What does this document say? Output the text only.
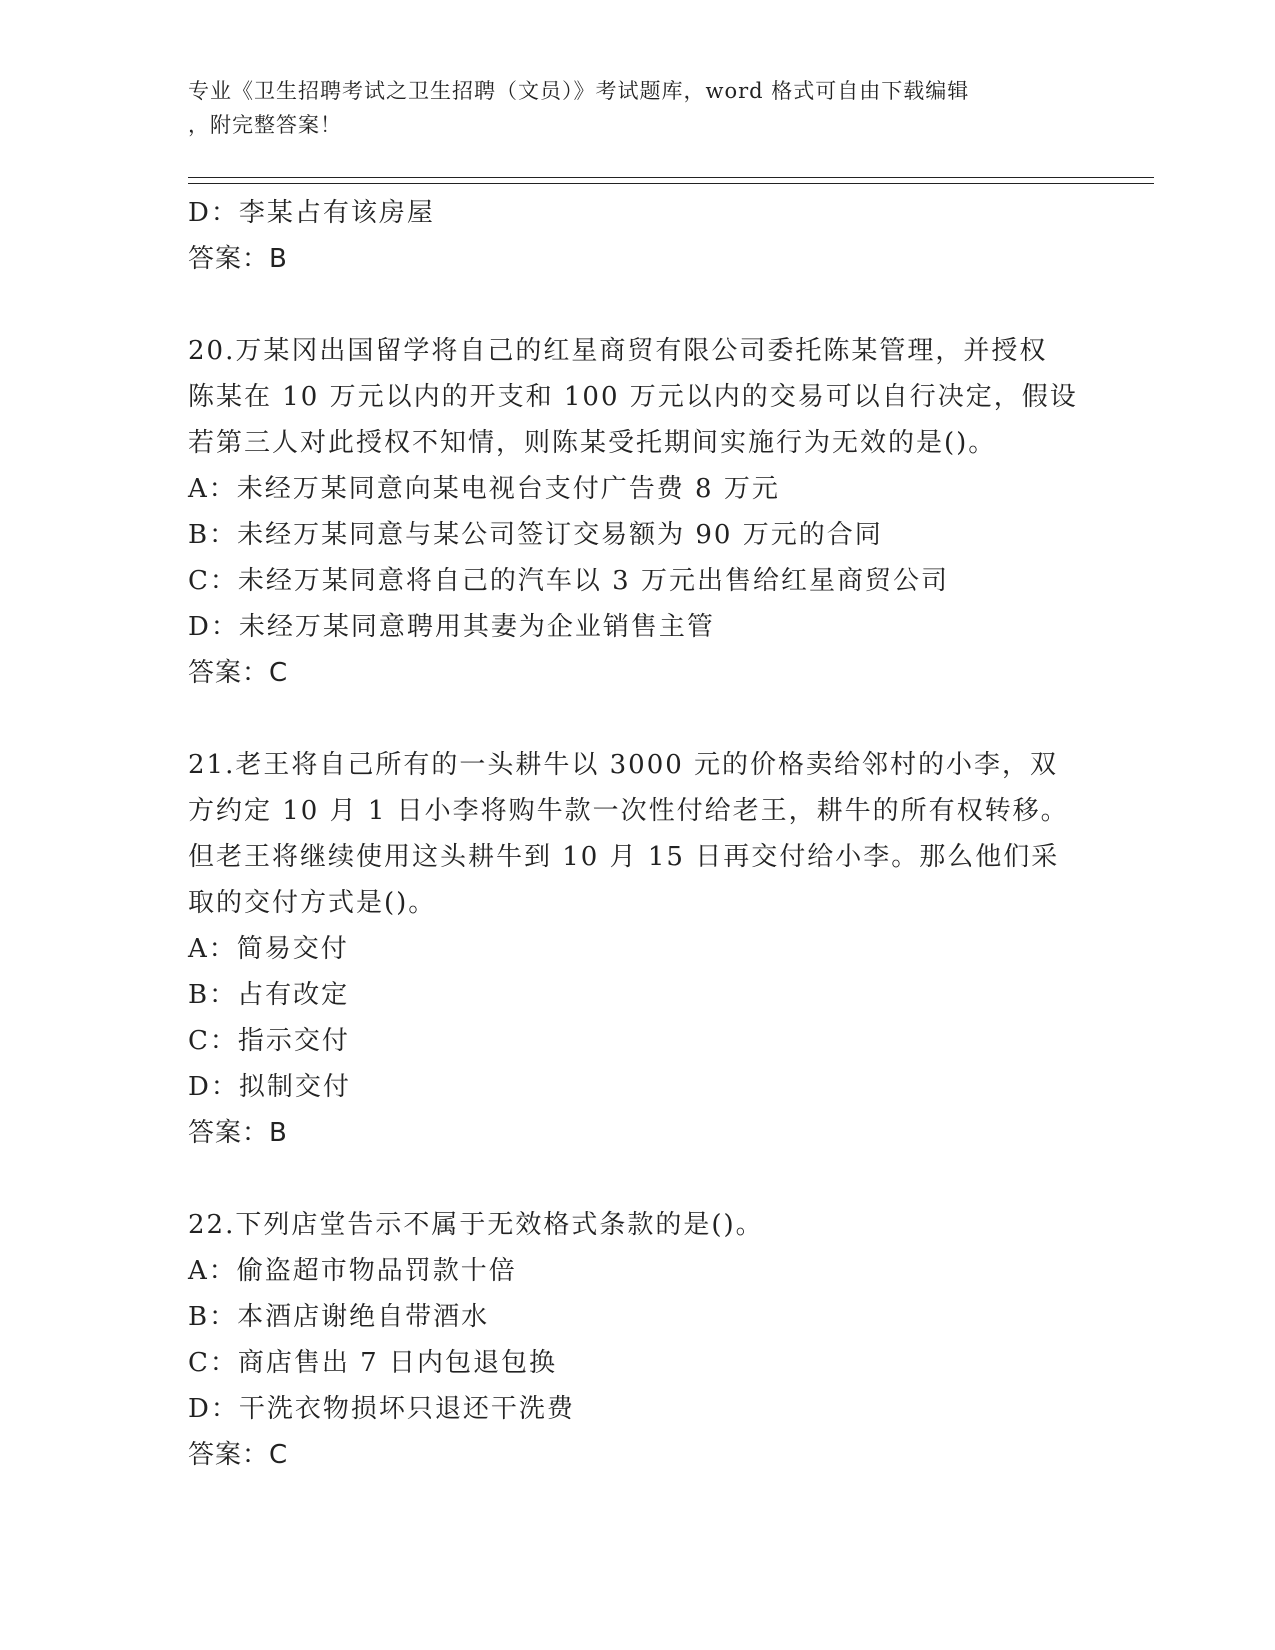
专业《卫生招聘考试之卫生招聘（文员）》考试题库，word 格式可自由下载编辑
，附完整答案！
D：李某占有该房屋
答案：B
20.万某冈出国留学将自己的红星商贸有限公司委托陈某管理，并授权
陈某在 10 万元以内的开支和 100 万元以内的交易可以自行决定，假设
若第三人对此授权不知情，则陈某受托期间实施行为无效的是()。
A：未经万某同意向某电视台支付广告费 8 万元
B：未经万某同意与某公司签订交易额为 90 万元的合同
C：未经万某同意将自己的汽车以 3 万元出售给红星商贸公司
D：未经万某同意聘用其妻为企业销售主管
答案：C
21.老王将自己所有的一头耕牛以 3000 元的价格卖给邻村的小李，双
方约定 10 月 1 日小李将购牛款一次性付给老王，耕牛的所有权转移。
但老王将继续使用这头耕牛到 10 月 15 日再交付给小李。那么他们采
取的交付方式是()。
A：简易交付
B：占有改定
C：指示交付
D：拟制交付
答案：B
22.下列店堂告示不属于无效格式条款的是()。
A：偷盗超市物品罚款十倍
B：本酒店谢绝自带酒水
C：商店售出 7 日内包退包换
D：干洗衣物损坏只退还干洗费
答案：C
